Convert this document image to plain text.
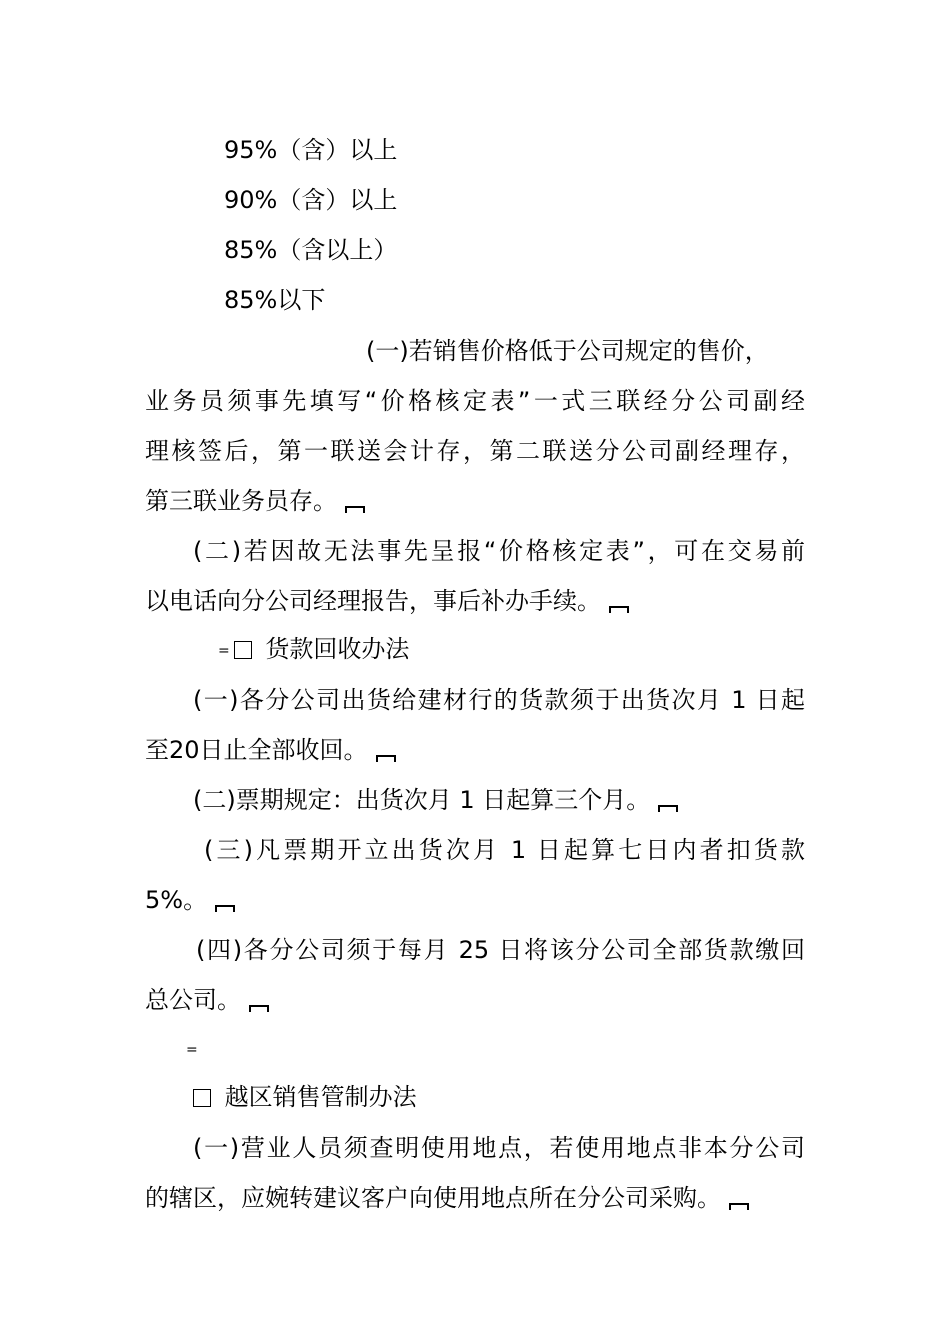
95%（含）以上
90%（含）以上
85%（含以上）
85%以下
(一)若销售价格低于公司规定的售价，
业务员须事先填写“价格核定表”一式三联经分公司副经
理核签后，第一联送会计存，第二联送分公司副经理存，
第三联业务员存。
(二)若因故无法事先呈报“价格核定表”，可在交易前
以电话向分公司经理报告，事后补办手续。
= 货款回收办法
(一)各分公司出货给建材行的货款须于出货次月 1 日起
至20日止全部收回。
(二)票期规定：出货次月 1 日起算三个月。
(三)凡票期开立出货次月 1 日起算七日内者扣货款
5%。
(四)各分公司须于每月 25 日将该分公司全部货款缴回
总公司。
=
越区销售管制办法
(一)营业人员须查明使用地点，若使用地点非本分公司
的辖区，应婉转建议客户向使用地点所在分公司采购。
